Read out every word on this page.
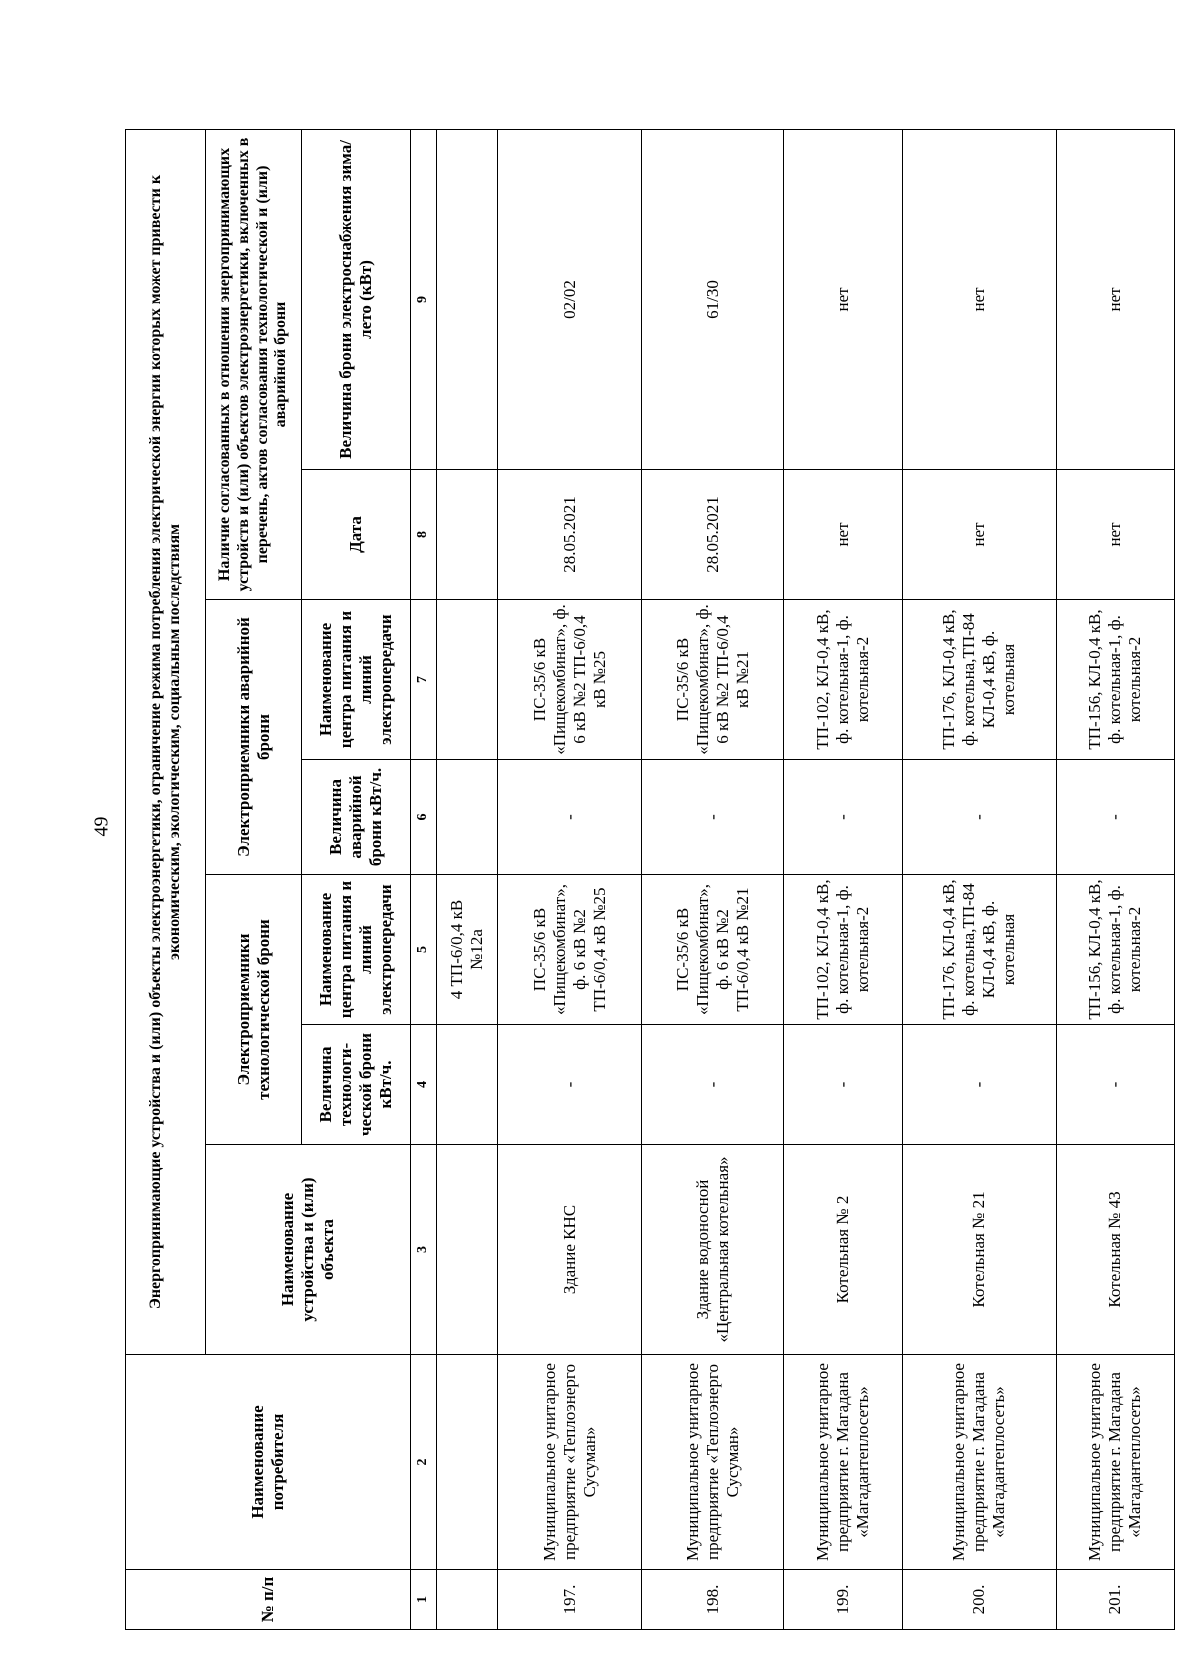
49
№ п/п	Наименование потребителя	Энергопринимающие устройства и (или) объекты электроэнергетики, ограничение режима потребления электрической энергии которых может привести к экономическим, экологическим, социальным последствиям						
		Наименование устройства и (или) объекта	Электроприемники технологической брони		Электроприемники аварийной брони		Наличие согласованных в отношении энергопринимающих устройств и (или) объектов электроэнергетики, включенных в перечень, актов согласования технологической и (или) аварийной брони	
			Величина технологи-ческой брони кВт/ч.	Наименование центра питания и линий электропередачи	Величина аварийной брони кВт/ч.	Наименование центра питания и линий электропередачи	Дата	Величина брони электроснабжения зима/лето (кВт)
1	2	3	4	5	6	7	8	9
				4 ТП-6/0,4 кВ №12а				
197.	Муниципальное унитарное предприятие «Теплоэнерго Сусуман»	Здание КНС	-	ПС-35/6 кВ «Пищекомбинат», ф. 6 кВ №2 ТП-6/0,4 кВ №25	-	ПС-35/6 кВ «Пищекомбинат», ф. 6 кВ №2 ТП-6/0,4 кВ №25	28.05.2021	02/02
198.	Муниципальное унитарное предприятие «Теплоэнерго Сусуман»	Здание водоносной «Центральная котельная»	-	ПС-35/6 кВ «Пищекомбинат», ф. 6 кВ №2 ТП-6/0,4 кВ №21	-	ПС-35/6 кВ «Пищекомбинат», ф. 6 кВ №2 ТП-6/0,4 кВ №21	28.05.2021	61/30
199.	Муниципальное унитарное предприятие г. Магадана «Магадантеплосеть»	Котельная № 2	-	ТП-102, КЛ-0,4 кВ, ф. котельная-1, ф. котельная-2	-	ТП-102, КЛ-0,4 кВ, ф. котельная-1, ф. котельная-2	нет	нет
200.	Муниципальное унитарное предприятие г. Магадана «Магадантеплосеть»	Котельная № 21	-	ТП-176, КЛ-0,4 кВ, ф. котельна,ТП-84 КЛ-0,4 кВ, ф. котельная	-	ТП-176, КЛ-0,4 кВ, ф. котельна,ТП-84 КЛ-0,4 кВ, ф. котельная	нет	нет
201.	Муниципальное унитарное предприятие г. Магадана «Магадантеплосеть»	Котельная № 43	-	ТП-156, КЛ-0,4 кВ, ф. котельная-1, ф. котельная-2	-	ТП-156, КЛ-0,4 кВ, ф. котельная-1, ф. котельная-2	нет	нет
